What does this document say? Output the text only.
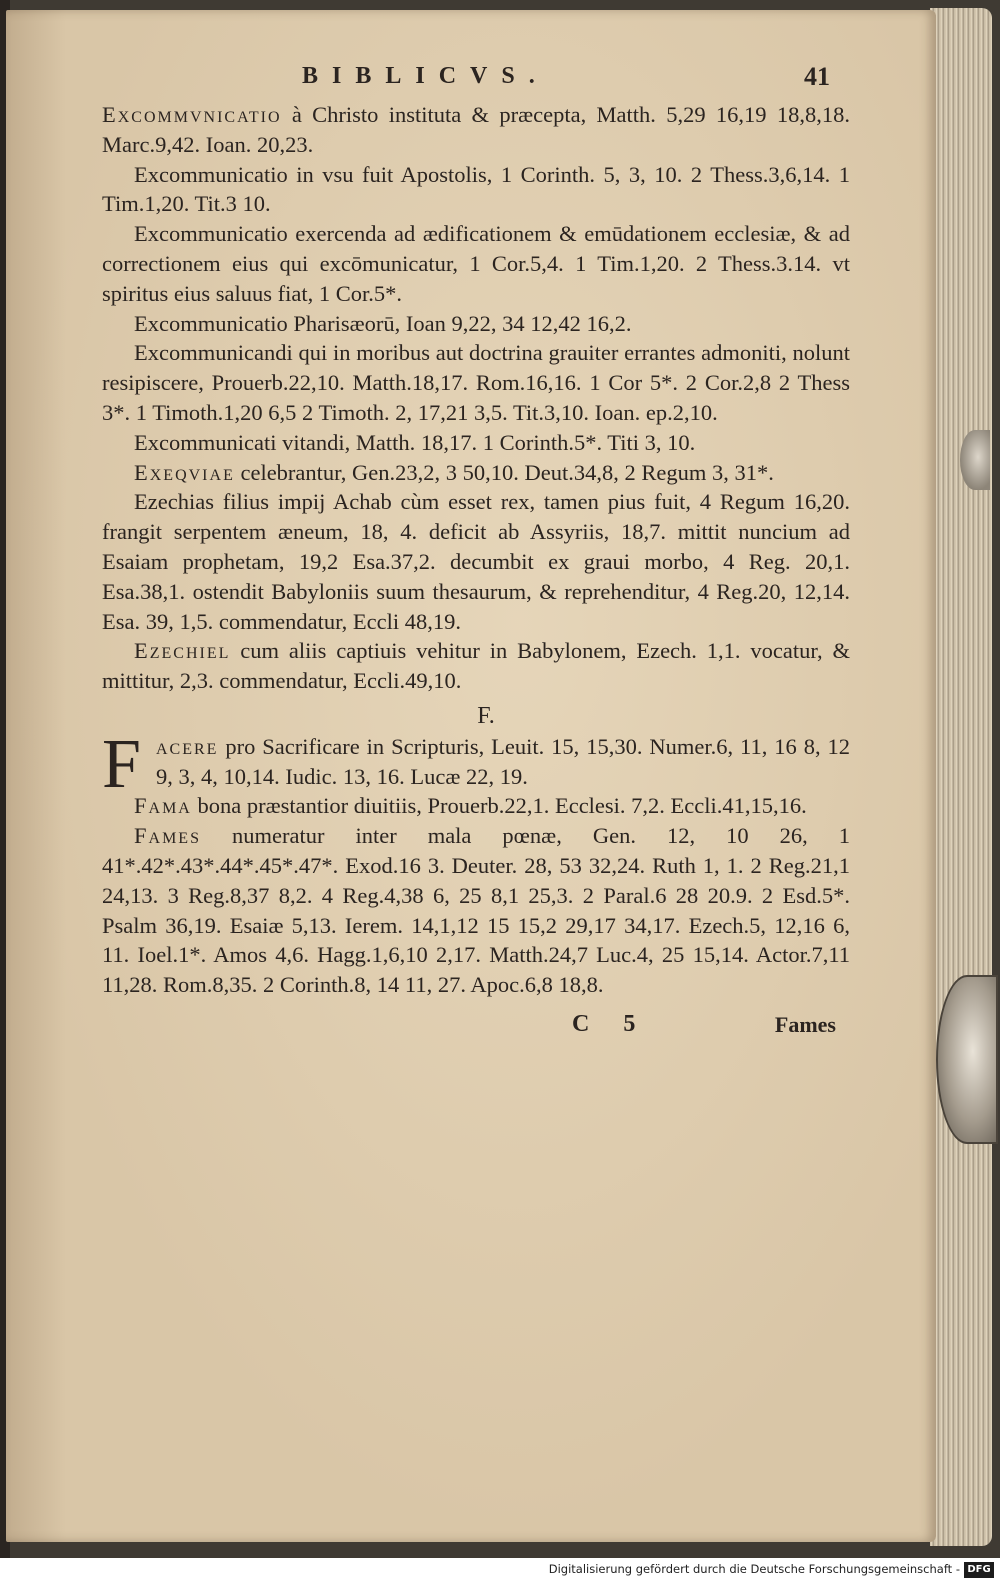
BIBLICVS.	41

Excommvnicatio à Christo instituta & præcepta, Matth. 5,29 16,19 18,8,18. Marc.9,42. Ioan. 20,23.

Excommunicatio in vsu fuit Apostolis, 1 Corinth. 5, 3, 10. 2 Thess.3,6,14. 1 Tim.1,20. Tit.3 10.

Excommunicatio exercenda ad ædificationem & emūdationem ecclesiæ, & ad correctionem eius qui excōmunicatur, 1 Cor.5,4. 1 Tim.1,20. 2 Thess.3.14. vt spiritus eius saluus fiat, 1 Cor.5*.

Excommunicatio Pharisæorū, Ioan 9,22, 34 12,42 16,2.

Excommunicandi qui in moribus aut doctrina grauiter errantes admoniti, nolunt resipiscere, Prouerb.22,10. Matth.18,17. Rom.16,16. 1 Cor 5*. 2 Cor.2,8 2 Thess 3*. 1 Timoth.1,20 6,5 2 Timoth. 2, 17,21 3,5. Tit.3,10. Ioan. ep.2,10.

Excommunicati vitandi, Matth. 18,17. 1 Corinth.5*. Titi 3, 10.

Exeqviae celebrantur, Gen.23,2, 3 50,10. Deut.34,8, 2 Regum 3, 31*.

Ezechias filius impij Achab cùm esset rex, tamen pius fuit, 4 Regum 16,20. frangit serpentem æneum, 18, 4. deficit ab Assyriis, 18,7. mittit nuncium ad Esaiam prophetam, 19,2 Esa.37,2. decumbit ex graui morbo, 4 Reg. 20,1. Esa.38,1. ostendit Babyloniis suum thesaurum, & reprehenditur, 4 Reg.20, 12,14. Esa. 39, 1,5. commendatur, Eccli 48,19.

Ezechiel cum aliis captiuis vehitur in Babylonem, Ezech. 1,1. vocatur, & mittitur, 2,3. commendatur, Eccli.49,10.

F.

F acere pro Sacrificare in Scripturis, Leuit. 15, 15,30. Numer.6, 11, 16 8, 12 9, 3, 4, 10,14. Iudic. 13, 16. Lucæ 22, 19.

Fama bona præstantior diuitiis, Prouerb.22,1. Ecclesi. 7,2. Eccli.41,15,16.

Fames numeratur inter mala pœnæ, Gen. 12, 10 26, 1 41*.42*.43*.44*.45*.47*. Exod.16 3. Deuter. 28, 53 32,24. Ruth 1, 1. 2 Reg.21,1 24,13. 3 Reg.8,37 8,2. 4 Reg.4,38 6, 25 8,1 25,3. 2 Paral.6 28 20.9. 2 Esd.5*. Psalm 36,19. Esaiæ 5,13. Ierem. 14,1,12 15 15,2 29,17 34,17. Ezech.5, 12,16 6, 11. Ioel.1*. Amos 4,6. Hagg.1,6,10 2,17. Matth.24,7 Luc.4, 25 15,14. Actor.7,11 11,28. Rom.8,35. 2 Corinth.8, 14 11, 27. Apoc.6,8 18,8.

C 5	Fames
Digitalisierung gefördert durch die Deutsche Forschungsgemeinschaft - DFG
